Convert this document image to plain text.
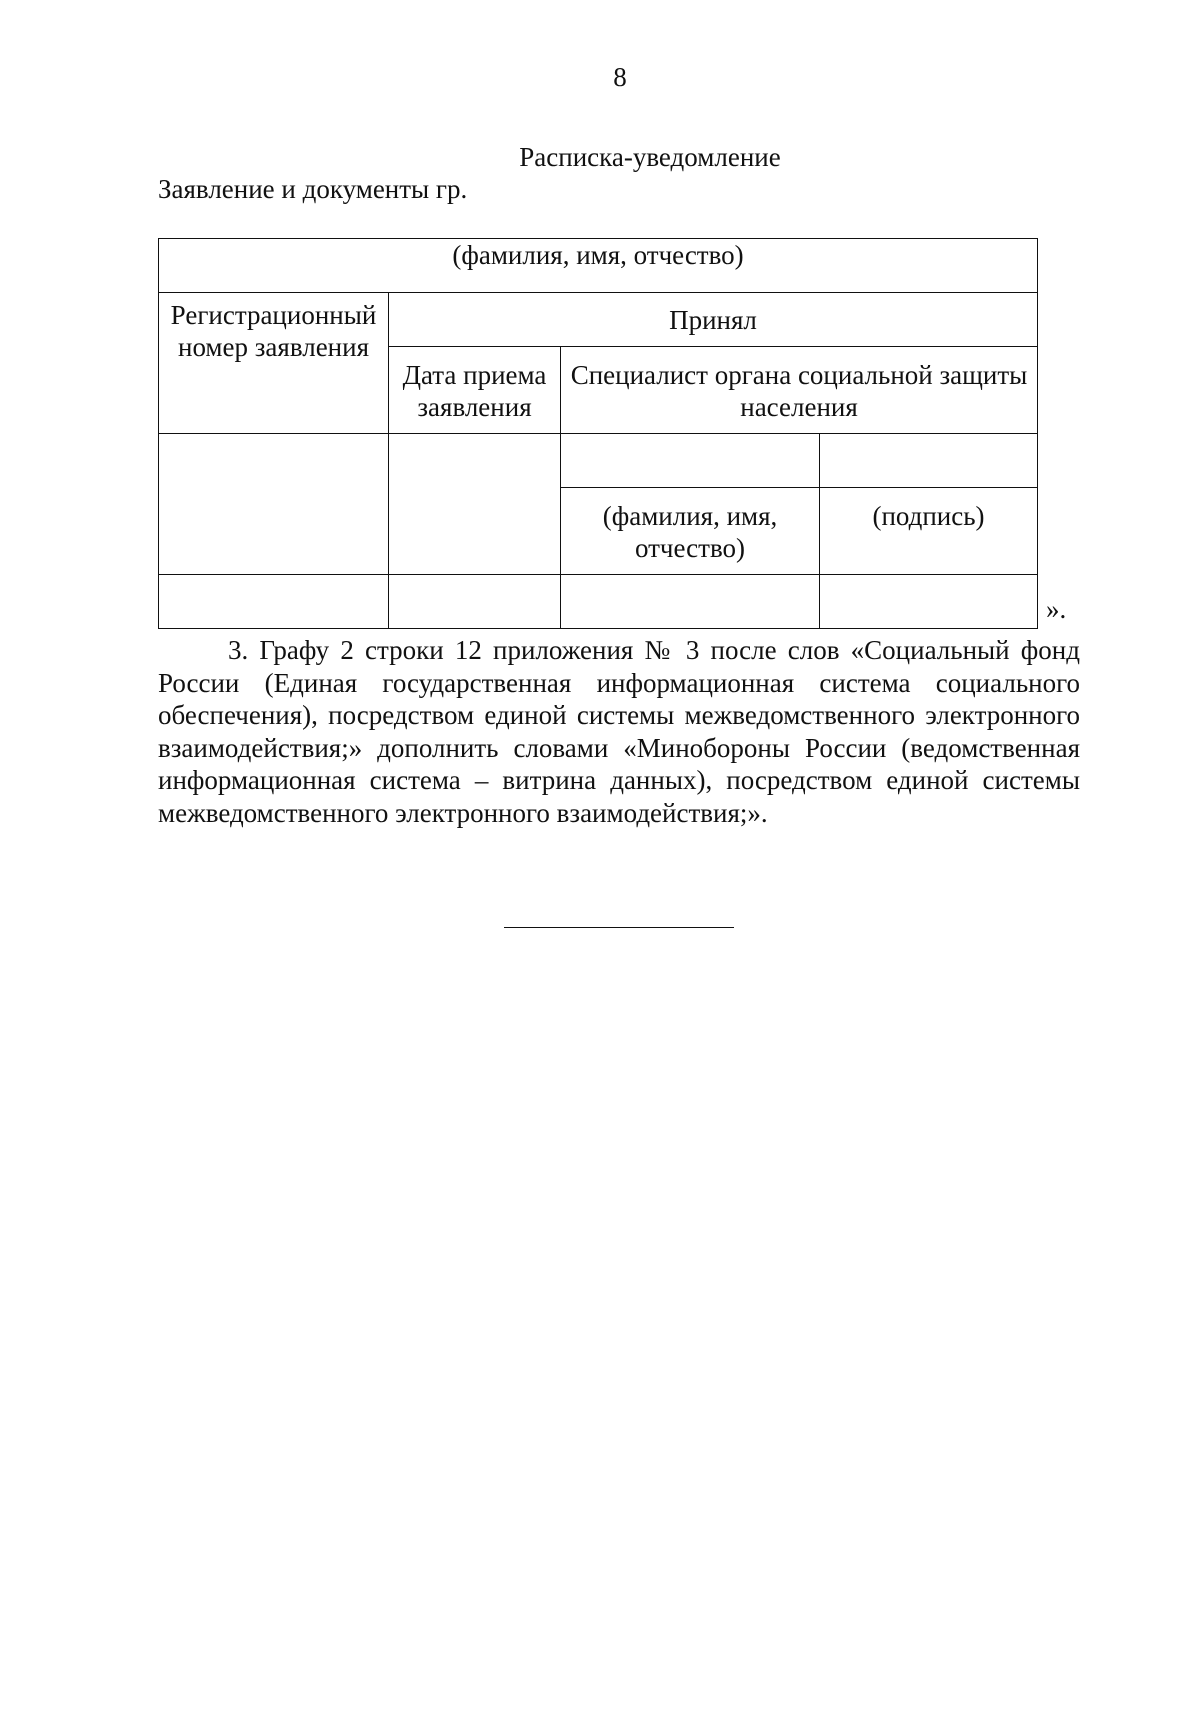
8
Расписка-уведомление
Заявление и документы гр.
(фамилия, имя, отчество)			
Регистрационный номер заявления	Принял		
	Дата приема заявления	Специалист органа социальной защиты населения	

		(фамилия, имя, отчество)	(подпись)

».
3. Графу 2 строки 12 приложения № 3 после слов «Социальный фонд России (Единая государственная информационная система социального обеспечения), посредством единой системы межведомственного электронного взаимодействия;» дополнить словами «Минобороны России (ведомственная информационная система – витрина данных), посредством единой системы межведомственного электронного взаимодействия;».
